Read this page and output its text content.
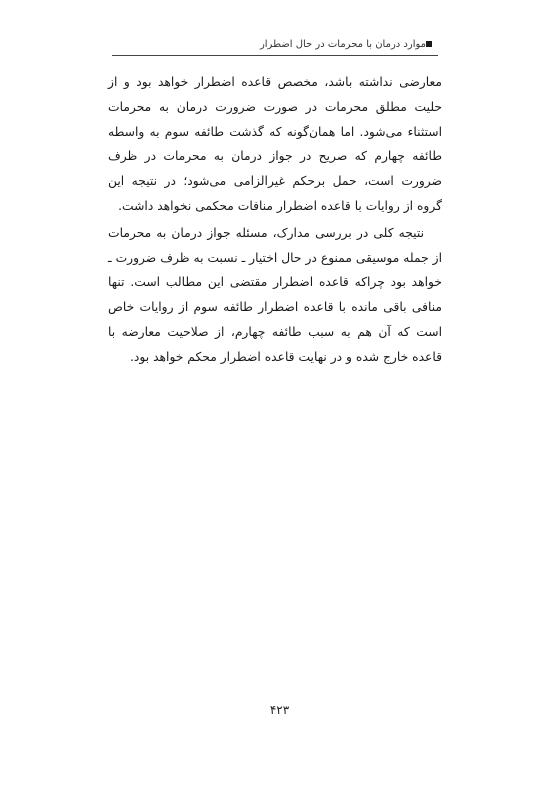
موارد درمان با محرمات در حال اضطرار

معارضی نداشته باشد، مخصص قاعده اضطرار خواهد بود و از حلیت مطلق محرمات در صورت ضرورت درمان به محرمات استثناء می‌شود. اما همان‌گونه که گذشت طائفه سوم به واسطه طائفه چهارم که صریح در جواز درمان به محرمات در ظرف ضرورت است، حمل برحکم غیرالزامی می‌شود؛ در نتیجه این گروه از روایات با قاعده اضطرار منافات محکمی نخواهد داشت.

نتیجه کلی در بررسی مدارک، مسئله جواز درمان به محرمات از جمله موسیقی ممنوع در حال اختیار ـ نسبت به ظرف ضرورت ـ خواهد بود چراکه قاعده اضطرار مقتضی این مطالب است. تنها منافی باقی مانده با قاعده اضطرار طائفه سوم از روایات خاص است که آن هم به سبب طائفه چهارم، از صلاحیت معارضه با قاعده خارج شده و در نهایت قاعده اضطرار محکم خواهد بود.

۴۲۳
